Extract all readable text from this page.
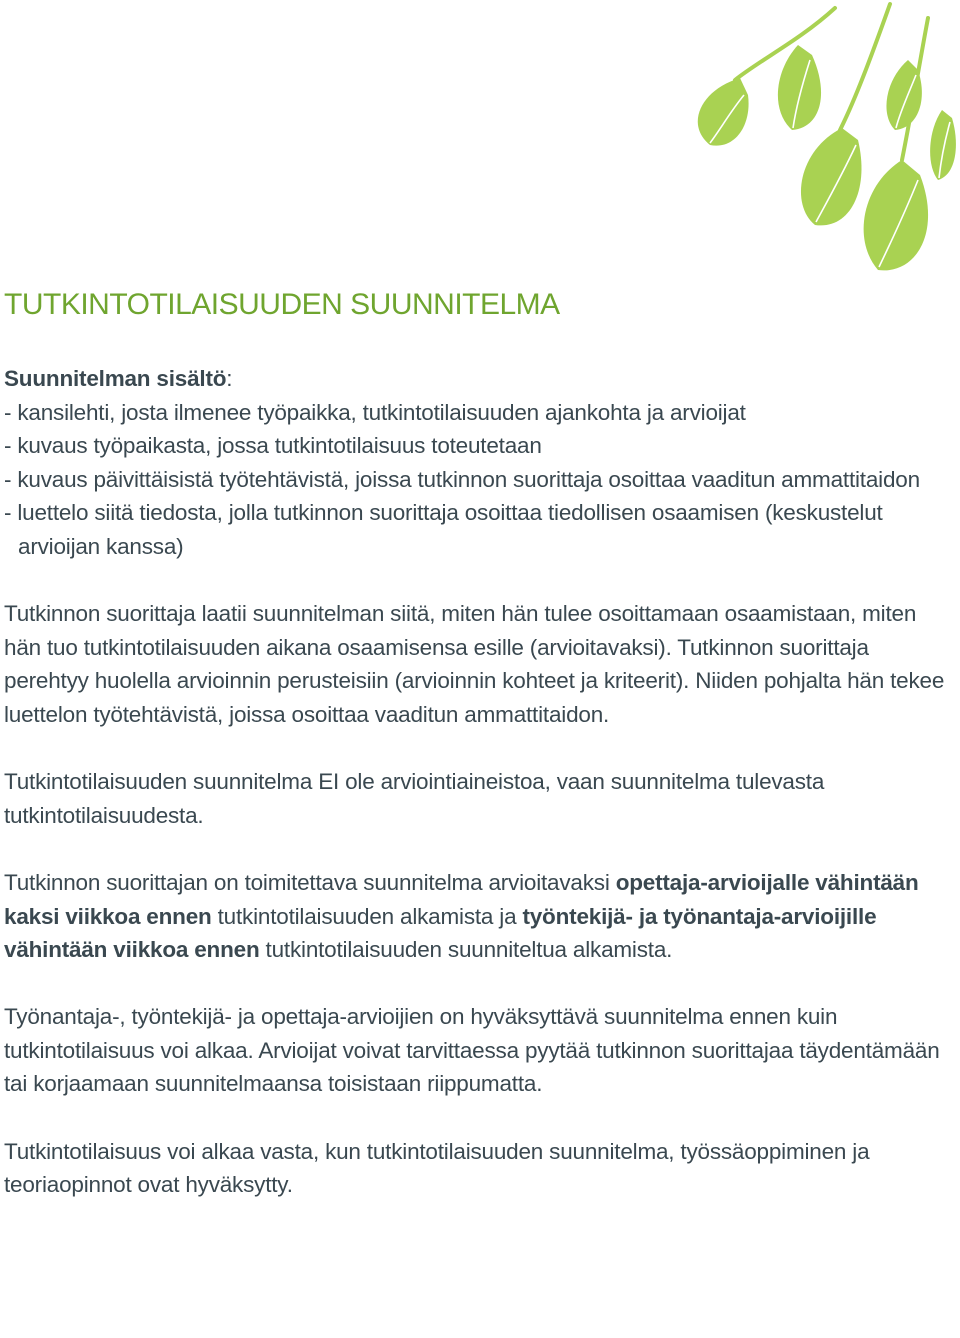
TUTKINTOTILAISUUDEN SUUNNITELMA
Suunnitelman sisältö:
- kansilehti, josta ilmenee työpaikka, tutkintotilaisuuden ajankohta ja arvioijat
- kuvaus työpaikasta, jossa tutkintotilaisuus toteutetaan
- kuvaus päivittäisistä työtehtävistä, joissa tutkinnon suorittaja osoittaa vaaditun ammattitaidon
- luettelo siitä tiedosta, jolla tutkinnon suorittaja osoittaa tiedollisen osaamisen (keskustelut arvioijan kanssa)

Tutkinnon suorittaja laatii suunnitelman siitä, miten hän tulee osoittamaan osaamistaan, miten hän tuo tutkintotilaisuuden aikana osaamisensa esille (arvioitavaksi). Tutkinnon suorittaja perehtyy huolella arvioinnin perusteisiin (arvioinnin kohteet ja kriteerit). Niiden pohjalta hän tekee luettelon työtehtävistä, joissa osoittaa vaaditun ammattitaidon.

Tutkintotilaisuuden suunnitelma EI ole arviointiaineistoa, vaan suunnitelma tulevasta tutkintotilaisuudesta.

Tutkinnon suorittajan on toimitettava suunnitelma arvioitavaksi opettaja-arvioijalle vähintään kaksi viikkoa ennen tutkintotilaisuuden alkamista ja työntekijä- ja työnantaja-arvioijille vähintään viikkoa ennen tutkintotilaisuuden suunniteltua alkamista.

Työnantaja-, työntekijä- ja opettaja-arvioijien on hyväksyttävä suunnitelma ennen kuin tutkintotilaisuus voi alkaa. Arvioijat voivat tarvittaessa pyytää tutkinnon suorittajaa täydentämään tai korjaamaan suunnitelmaansa toisistaan riippumatta.

Tutkintotilaisuus voi alkaa vasta, kun tutkintotilaisuuden suunnitelma, työssäoppiminen ja teoriaopinnot ovat hyväksytty.
